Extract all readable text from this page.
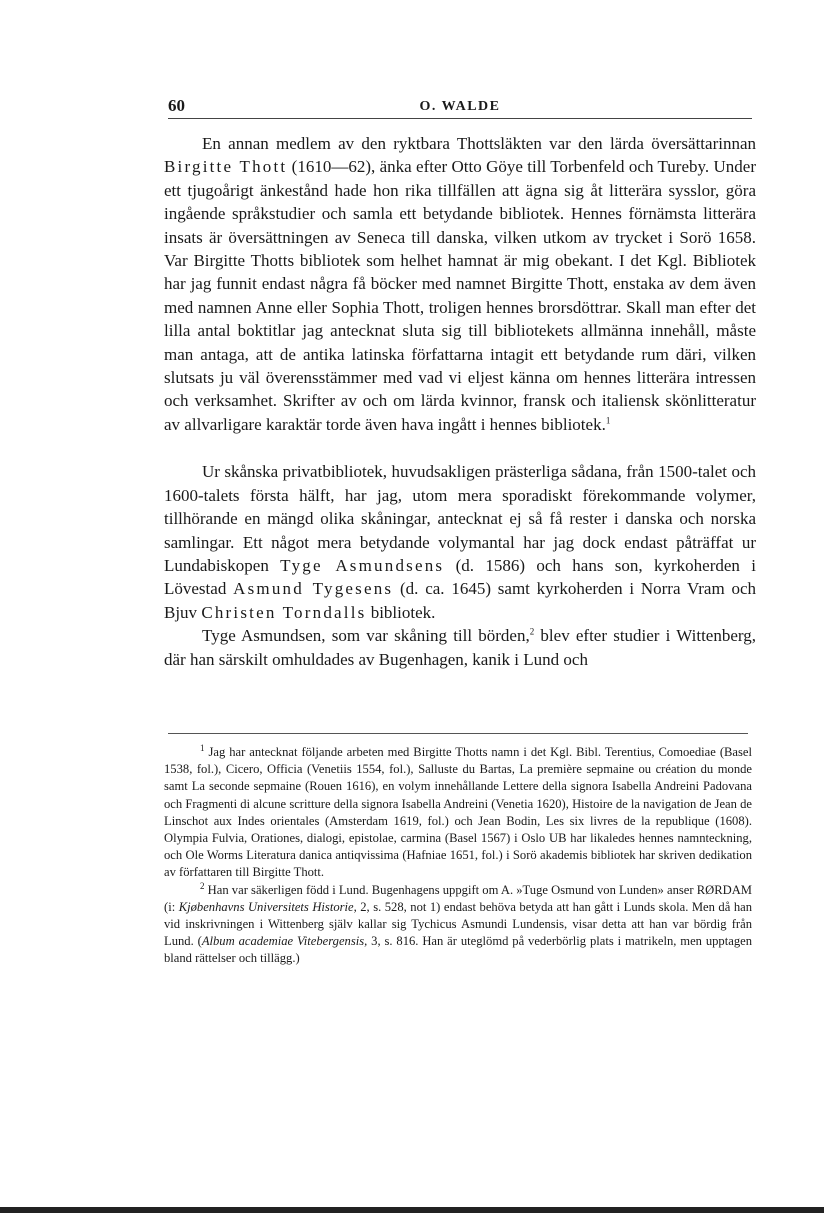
60	O. WALDE

En annan medlem av den ryktbara Thottsläkten var den lärda översättarinnan Birgitte Thott (1610—62), änka efter Otto Göye till Torbenfeld och Tureby. Under ett tjugoårigt änkestånd hade hon rika tillfällen att ägna sig åt litterära sysslor, göra ingående språkstudier och samla ett betydande bibliotek. Hennes förnämsta litterära insats är översättningen av Seneca till danska, vilken utkom av trycket i Sorö 1658. Var Birgitte Thotts bibliotek som helhet hamnat är mig obekant. I det Kgl. Bibliotek har jag funnit endast några få böcker med namnet Birgitte Thott, enstaka av dem även med namnen Anne eller Sophia Thott, troligen hennes brorsdöttrar. Skall man efter det lilla antal boktitlar jag antecknat sluta sig till bibliotekets allmänna innehåll, måste man antaga, att de antika latinska författarna intagit ett betydande rum däri, vilken slutsats ju väl överensstämmer med vad vi eljest känna om hennes litterära intressen och verksamhet. Skrifter av och om lärda kvinnor, fransk och italiensk skönlitteratur av allvarligare karaktär torde även hava ingått i hennes bibliotek.$^1$

Ur skånska privatbibliotek, huvudsakligen prästerliga sådana, från 1500-talet och 1600-talets första hälft, har jag, utom mera sporadiskt förekommande volymer, tillhörande en mängd olika skåningar, antecknat ej så få rester i danska och norska samlingar. Ett något mera betydande volymantal har jag dock endast påträffat ur Lundabiskopen Tyge Asmundsens (d. 1586) och hans son, kyrkoherden i Lövestad Asmund Tygesens (d. ca. 1645) samt kyrkoherden i Norra Vram och Bjuv Christen Torndalls bibliotek.

Tyge Asmundsen, som var skåning till börden,$^2$ blev efter studier i Wittenberg, där han särskilt omhuldades av Bugenhagen, kanik i Lund och

$^1$ Jag har antecknat följande arbeten med Birgitte Thotts namn i det Kgl. Bibl. Terentius, Comoediae (Basel 1538, fol.), Cicero, Officia (Venetiis 1554, fol.), Salluste du Bartas, La première sepmaine ou création du monde samt La seconde sepmaine (Rouen 1616), en volym innehållande Lettere della signora Isabella Andreini Padovana och Fragmenti di alcune scritture della signora Isabella Andreini (Venetia 1620), Histoire de la navigation de Jean de Linschot aux Indes orientales (Amsterdam 1619, fol.) och Jean Bodin, Les six livres de la republique (1608). Olympia Fulvia, Orationes, dialogi, epistolae, carmina (Basel 1567) i Oslo UB har likaledes hennes namnteckning, och Ole Worms Literatura danica antiqvissima (Hafniae 1651, fol.) i Sorö akademis bibliotek har skriven dedikation av författaren till Birgitte Thott.

$^2$ Han var säkerligen född i Lund. Bugenhagens uppgift om A. »Tuge Osmund von Lunden» anser RØRDAM (i: Kjøbenhavns Universitets Historie, 2, s. 528, not 1) endast behöva betyda att han gått i Lunds skola. Men då han vid inskrivningen i Wittenberg själv kallar sig Tychicus Asmundi Lundensis, visar detta att han var bördig från Lund. (Album academiae Vitebergensis, 3, s. 816. Han är uteglömd på vederbörlig plats i matrikeln, men upptagen bland rättelser och tillägg.)
